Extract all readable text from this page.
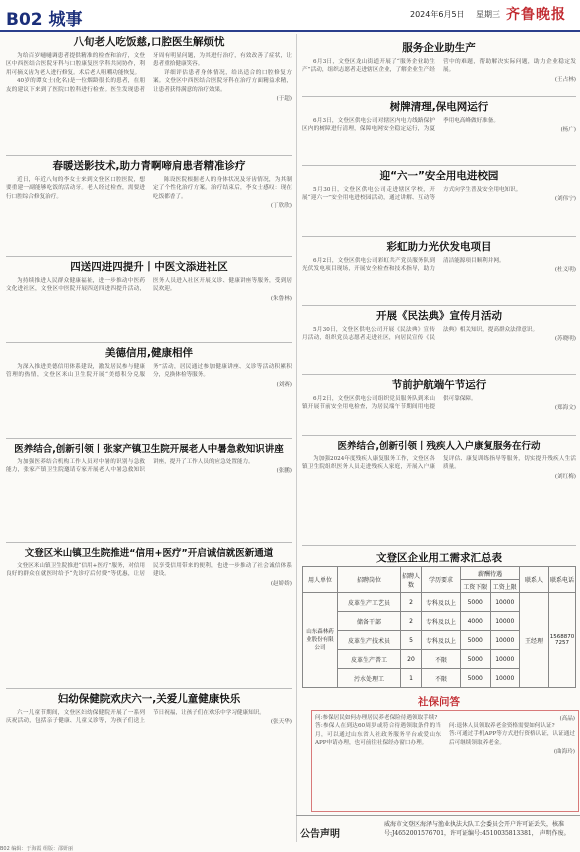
B02 城事	2024年6月5日 星期三 齐鲁晚报

八旬老人吃饭慈,口腔医生解烦忧

为给百岁嗵嗵调患者提供精准的检查和治疗，文登区中西医结合医院牙科与口腔康复医学科共同协作，利用可摘义齿为老人进行修复。术后老人咀嚼功能恢复。

40岁的谭女士(化名)是一位烟龄很长的患者，在朋友的建议下来到了医院口腔科进行检查。医生发现患者牙周有明显问题，为其进行治疗，有效改善了症状，让患者重拾健康笑容。

详细评估患者身体情况，给出适合的口腔修复方案。文登区中西医结合医院牙科在治疗方面精益求精，让患者获得满意的治疗效果。

(于超)

春暖送影技术,助力青啊啼肩患者精准诊疗

近日，年近八旬的李女士来到文登区口腔医院，想要重建一副能够吃饭的活动牙。老人经过检查，需要进行口腔综合修复治疗。

陈设医院根据老人的身体状况及牙齿情况，为其制定了个性化治疗方案。治疗结束后，李女士感叹：现在吃饭都香了。

(丁欣欣)

四送四进四提升丨中医文添进社区

为持续推进人民群众健康福祉，进一步推动中医药文化进社区，文登区中医院开展四送四进四提升活动，医务人员进入社区开展义诊、健康讲座等服务，受到居民欢迎。

(朱鲁林)

美德信用,健康相伴

为深入推进美德信用体系建设，激发居民参与健康管理的热情，文登区米山卫生院开展“美德积分兑服务”活动，居民通过参加健康讲座、义诊等活动积累积分，兑换体检等服务。

(刘赛)

医养结合,创新引领丨张家产镇卫生院开展老人中暑急救知识讲座

为加强医养结合机构工作人员对中暑的识别与急救能力，张家产镇卫生院邀请专家开展老人中暑急救知识讲座，提升了工作人员的应急处置能力。

(张鹏)

文登区米山镇卫生院推进“信用+医疗”开启诚信就医新通道

文登区米山镇卫生院推进“信用+医疗”服务，对信用良好的群众在就医时给予“先诊疗后付费”等优惠，让居民享受信用带来的便利，也进一步推动了社会诚信体系建设。

(赵娇娇)

妇幼保健院欢庆六一,关爱儿童健康快乐

六一儿童节期间，文登区妇幼保健院开展了一系列庆祝活动，包括亲子健康、儿童义诊等，为孩子们送上节日祝福，让孩子们在欢乐中学习健康知识。

(张天华)

服务企业助生产

6月3日，文登区龙山街道开展了“服务企业助生产”活动，组织志愿者走进辖区企业，了解企业生产经营中的难题，帮助解决实际问题，助力企业稳定发展。

(王占林)

树牌清理,保电网运行

6月3日，文登区供电公司对辖区内电力线路保护区内的树障进行清理，保障电网安全稳定运行，为夏季用电高峰做好准备。

(杨广)

迎“六一”安全用电进校园

5月30日，文登区供电公司走进辖区学校，开展“迎六一”安全用电进校园活动，通过讲解、互动等方式向学生普及安全用电知识。

(刘伟宁)

彩虹助力光伏发电项目

6月2日，文登区供电公司彩虹共产党员服务队到光伏发电项目现场，开展安全检查和技术指导，助力清洁能源项目顺利并网。

(杜义明)

开展《民法典》宣传月活动

5月30日，文登区供电公司开展《民法典》宣传月活动，组织党员志愿者走进社区，向居民宣传《民法典》相关知识，提高群众法律意识。

(苏晓明)

节前护航端午节运行

6月2日，文登区供电公司组织党员服务队到米山镇开展节前安全用电检查，为居民端午节期间用电提供可靠保障。

(郑海文)

医养结合,创新引领丨残疾人入户康复服务在行动

为加强2024年度残疾人康复服务工作，文登区各镇卫生院组织医务人员走进残疾人家庭，开展入户康复评估、康复训练指导等服务，切实提升残疾人生活质量。

(刘红梅)

文登区企业用工需求汇总表

用人单位	招聘岗位	招聘人数	学历要求	薪酬待遇		联系人	联系电话
				工资下限	工资上限		
山东森林药业股份有限公司	皮革生产工艺员	2	专科及以上	5000	10000	王经理	15688707257
	储备干部	2	专科及以上	4000	10000		
	皮革生产技术员	5	专科及以上	5000	10000		
	皮革生产普工	20	不限	5000	10000		
	污水处理工	1	不限	5000	10000		

社保问答

问:参保居民如何办理居民养老保险待遇领取手续?

答:参保人在到达60周岁或符合待遇领取条件的当月，可以通过山东省人社政务服务平台或爱山东APP申请办理，也可前往社保经办窗口办理。

(高晶)

问:退休人员领取养老金资格需要如何认证?

答:可通过手机APP等方式进行资格认证，认证通过后可继续领取养老金。

(曲海玲)
公告声明
威海市文登区海泽与渔业执法大队工会委员会开户许可证丢失，核准号:J4652001576701，许可证编号:4510035813381， 声明作废。
B02 编辑：于海霞 组版：邵妍丽
